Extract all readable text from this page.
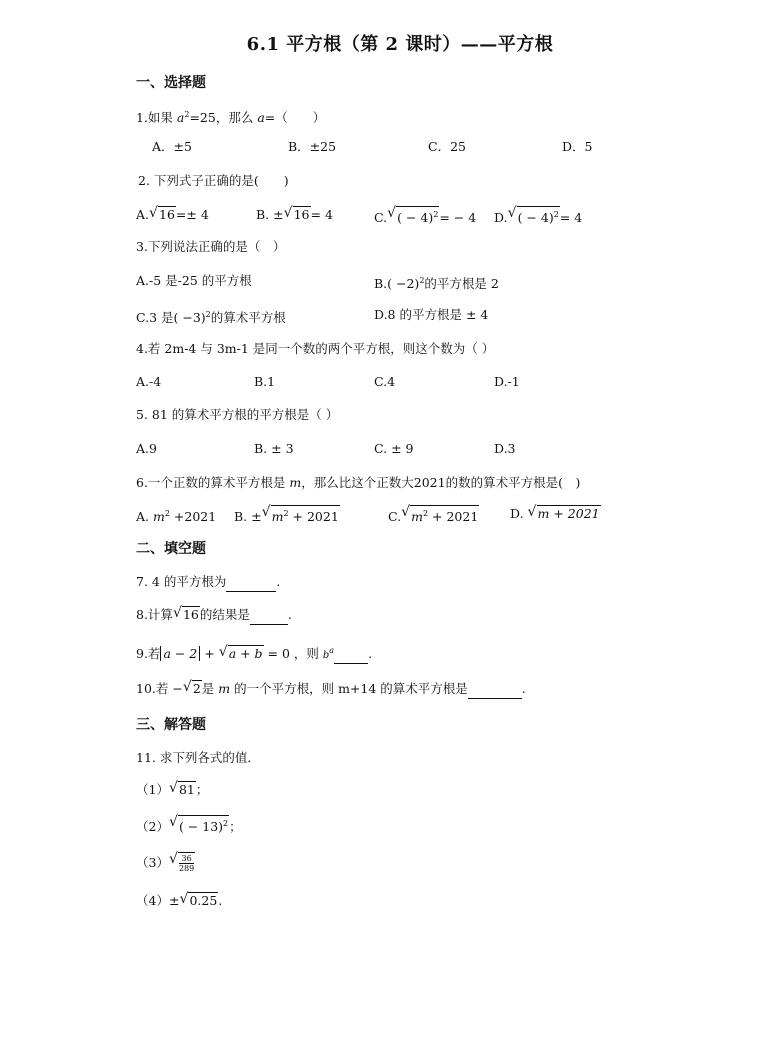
6.1 平方根（第 2 课时）——平方根
一、选择题
1.如果 $a^2=25$，那么 a=（　　）
A．±5	B．±25	C．25	D．5
2. 下列式子正确的是(　　)
A. √ 16=± 4	B. ± √ 16= 4	C. √ ( − 4)$^2$= − 4 D. √ ( − 4)$^2$= 4
3.下列说法正确的是（　）
A.-5 是-25 的平方根	$B.( -2)^2$的平方根是 2
C.3 是( −3)$^2$的算术平方根	D.8 的平方根是 ± 4
4.若 2m-4 与 3m-1 是同一个数的两个平方根，则这个数为（ ）
A.-4	B.1	C.4	D.-1
5. 81 的算术平方根的平方根是（ ）
A.9	B. ± 3	C. ± 9	D.3
6.一个正数的算术平方根是 m，那么比这个正数大2021的数的算术平方根是(　)
A. $m^2 +2021$ B. ± √ $m^2 + 2021$	C. √ $m^2 + 2021$	D. √ m + 2021
二、填空题
7. 4 的平方根为	.
8.计算 √ 16的结果是	.
9.若 a − 2 + √ a + b = 0 ，则 $b^a$	.
10.若 − √ 2是 m 的一个平方根，则 m+14 的算术平方根是	.
三、解答题
11. 求下列各式的值．
（1） √ 81；
（2） √ ( − 13)$^2$；
（3） √ $\frac{36}{289}$
（4）± √ 0.25.
